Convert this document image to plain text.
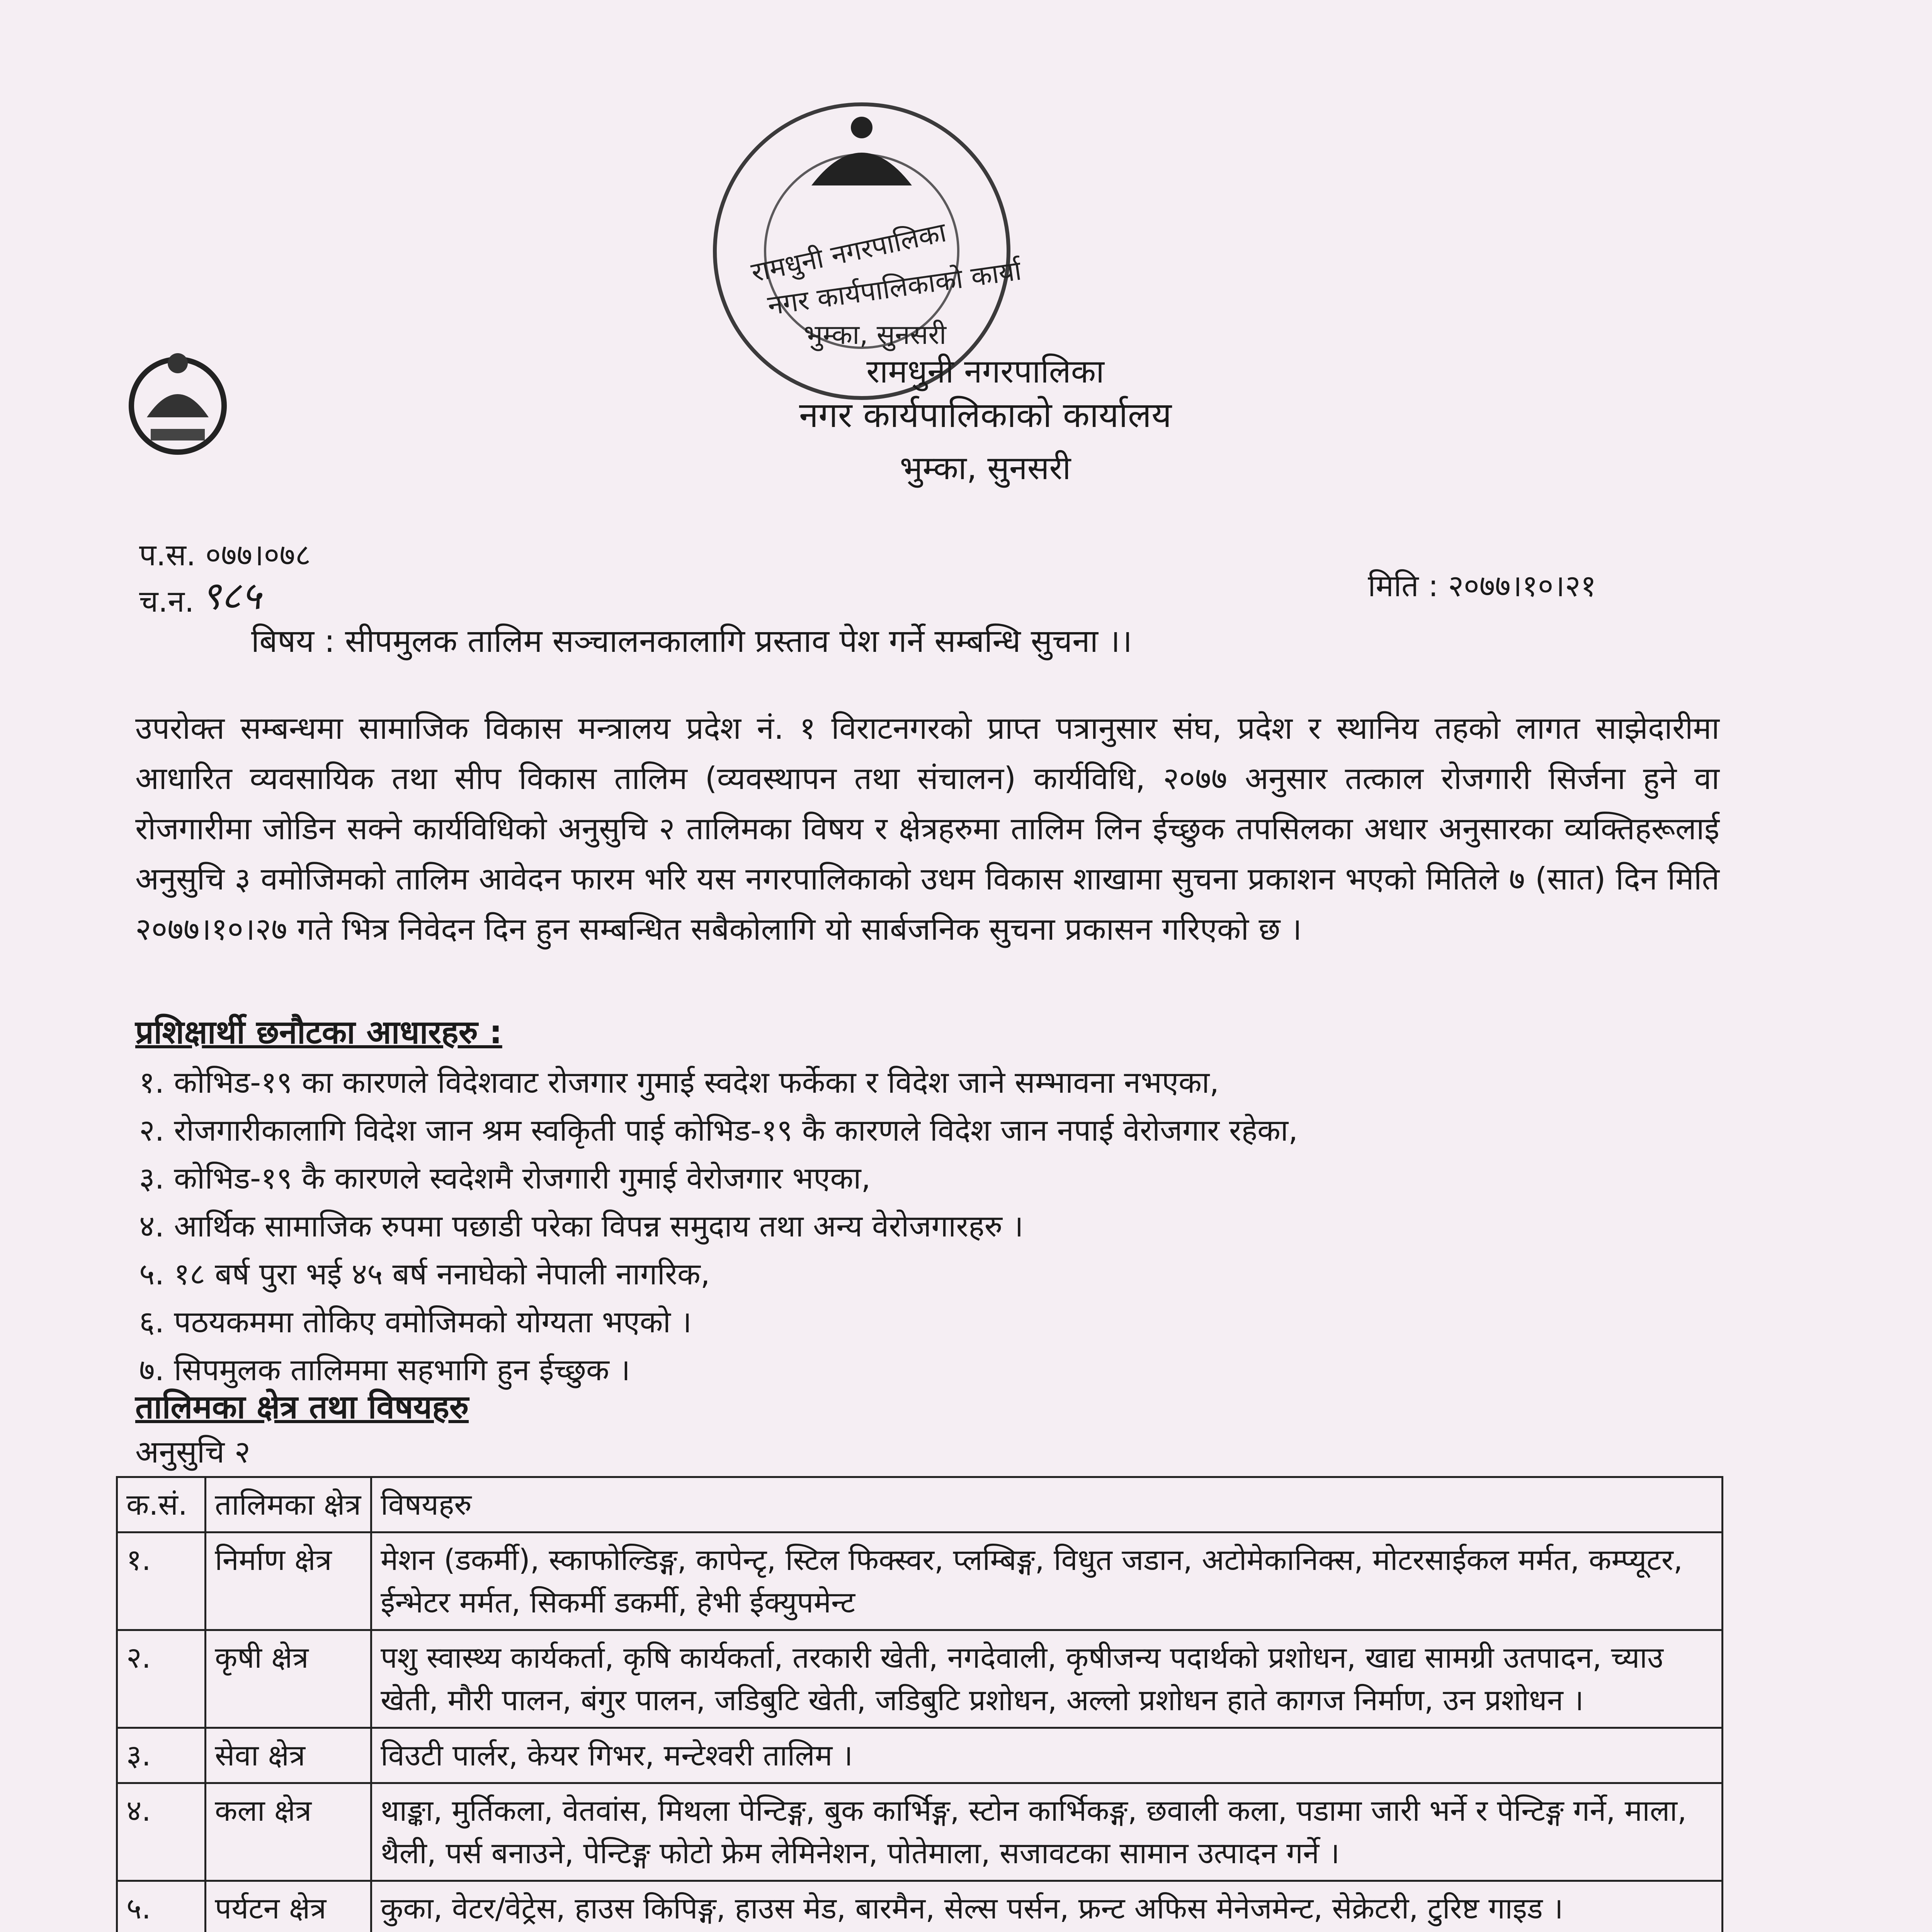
रामधुनी नगरपालिका
नगर कार्यपालिकाको कार्यालय
भुम्का, सुनसरी
रामधुनी नगरपालिका
नगर कार्यपालिकाको कार्यालय
भुम्का, सुनसरी
प.स. ०७७।०७८
च.न. ९८५	मिति : २०७७।१०।२१
बिषय : सीपमुलक तालिम सञ्चालनकालागि प्रस्ताव पेश गर्ने सम्बन्धि सुचना ।।
उपरोक्त सम्बन्धमा सामाजिक विकास मन्त्रालय प्रदेश नं. १ विराटनगरको प्राप्त पत्रानुसार संघ, प्रदेश र स्थानिय तहको लागत साझेदारीमा आधारित व्यवसायिक तथा सीप विकास तालिम (व्यवस्थापन तथा संचालन) कार्यविधि, २०७७ अनुसार तत्काल रोजगारी सिर्जना हुने वा रोजगारीमा जोडिन सक्ने कार्यविधिको अनुसुचि २ तालिमका विषय र क्षेत्रहरुमा तालिम लिन ईच्छुक तपसिलका अधार अनुसारका व्यक्तिहरूलाई अनुसुचि ३ वमोजिमको तालिम आवेदन फारम भरि यस नगरपालिकाको उधम विकास शाखामा सुचना प्रकाशन भएको मितिले ७ (सात) दिन मिति २०७७।१०।२७ गते भित्र निवेदन दिन हुन सम्बन्धित सबैकोलागि यो सार्बजनिक सुचना प्रकासन गरिएको छ ।
प्रशिक्षार्थी छनौटका आधारहरु :
१. कोभिड-१९ का कारणले विदेशवाट रोजगार गुमाई स्वदेश फर्केका र विदेश जाने सम्भावना नभएका,
२. रोजगारीकालागि विदेश जान श्रम स्वकिृती पाई कोभिड-१९ कै कारणले विदेश जान नपाई वेरोजगार रहेका,
३. कोभिड-१९ कै कारणले स्वदेशमै रोजगारी गुमाई वेरोजगार भएका,
४. आर्थिक सामाजिक रुपमा पछाडी परेका विपन्न समुदाय तथा अन्य वेरोजगारहरु ।
५. १८ बर्ष पुरा भई ४५ बर्ष ननाघेको नेपाली नागरिक,
६. पठयकममा तोकिए वमोजिमको योग्यता भएको ।
७. सिपमुलक तालिममा सहभागि हुन ईच्छुक ।
तालिमका क्षेत्र तथा विषयहरु
अनुसुचि २
क.सं.	तालिमका क्षेत्र	विषयहरु
१.	निर्माण क्षेत्र	मेशन (डकर्मी), स्काफोल्डिङ्ग, कापेन्टृ, स्टिल फिक्स्वर, प्लम्बिङ्ग, विधुत जडान, अटोमेकानिक्स, मोटरसाईकल मर्मत, कम्प्यूटर, ईन्भेटर मर्मत, सिकर्मी डकर्मी, हेभी ईक्युपमेन्ट
२.	कृषी क्षेत्र	पशु स्वास्थ्य कार्यकर्ता, कृषि कार्यकर्ता, तरकारी खेती, नगदेवाली, कृषीजन्य पदार्थको प्रशोधन, खाद्य सामग्री उतपादन, च्याउ खेती, मौरी पालन, बंगुर पालन, जडिबुटि खेती, जडिबुटि प्रशोधन, अल्लो प्रशोधन हाते कागज निर्माण, उन प्रशोधन ।
३.	सेवा क्षेत्र	विउटी पार्लर, केयर गिभर, मन्टेश्वरी तालिम ।
४.	कला क्षेत्र	थाङ्का, मुर्तिकला, वेतवांस, मिथला पेन्टिङ्ग, बुक कार्भिङ्ग, स्टोन कार्भिकङ्ग, छवाली कला, पडामा जारी भर्ने र पेन्टिङ्ग गर्ने, माला, थैली, पर्स बनाउने, पेन्टिङ्ग फोटो फ्रेम लेमिनेशन, पोतेमाला, सजावटका सामान उत्पादन गर्ने ।
५.	पर्यटन क्षेत्र	कुका, वेटर/वेट्रेस, हाउस किपिङ्ग, हाउस मेड, बारमैन, सेल्स पर्सन, फ्रन्ट अफिस मेनेजमेन्ट, सेक्रेटरी, टुरिष्ट गाइड ।
